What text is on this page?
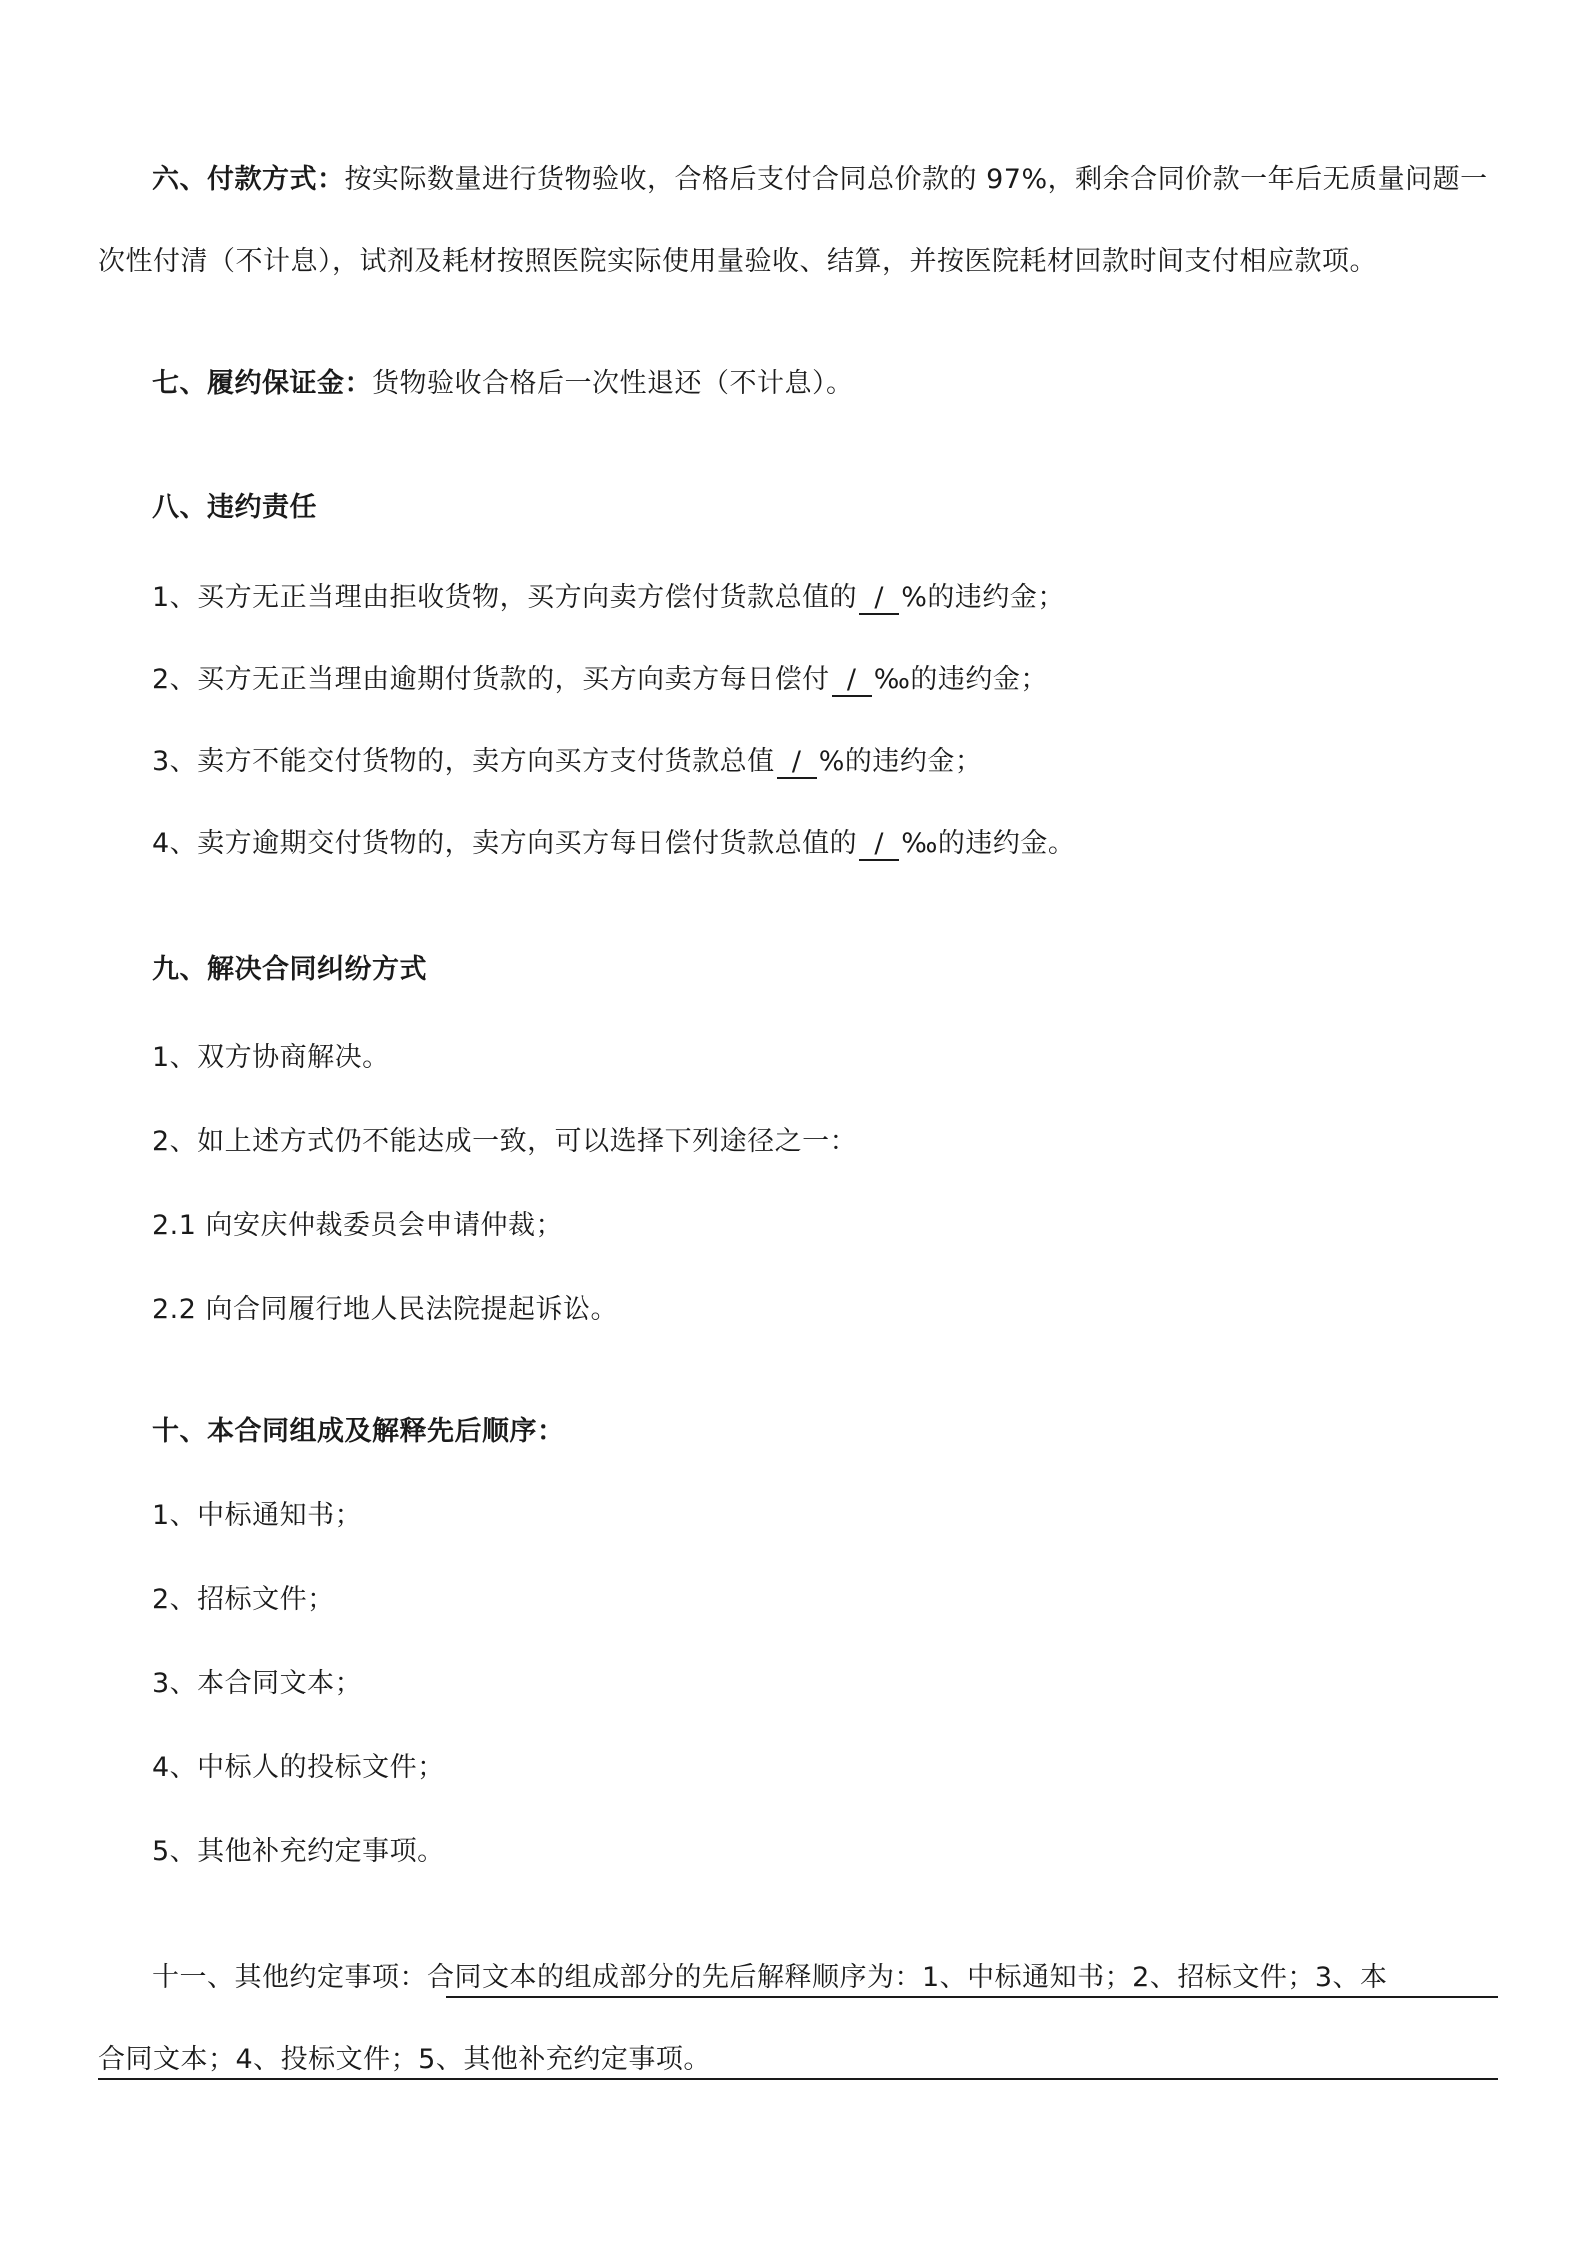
六、付款方式：按实际数量进行货物验收，合格后支付合同总价款的 97%，剩余合同价款一年后无质量问题一
次性付清（不计息），试剂及耗材按照医院实际使用量验收、结算，并按医院耗材回款时间支付相应款项。
七、履约保证金：货物验收合格后一次性退还（不计息）。
八、违约责任
1、买方无正当理由拒收货物，买方向卖方偿付货款总值的 / %的违约金；
2、买方无正当理由逾期付货款的，买方向卖方每日偿付 / ‰的违约金；
3、卖方不能交付货物的，卖方向买方支付货款总值 / %的违约金；
4、卖方逾期交付货物的，卖方向买方每日偿付货款总值的 / ‰的违约金。
九、解决合同纠纷方式
1、双方协商解决。
2、如上述方式仍不能达成一致，可以选择下列途径之一：
2.1 向安庆仲裁委员会申请仲裁；
2.2 向合同履行地人民法院提起诉讼。
十、本合同组成及解释先后顺序：
1、中标通知书；
2、招标文件；
3、本合同文本；
4、中标人的投标文件；
5、其他补充约定事项。
十一、其他约定事项：合同文本的组成部分的先后解释顺序为：1、中标通知书；2、招标文件；3、本
合同文本；4、投标文件；5、其他补充约定事项。
